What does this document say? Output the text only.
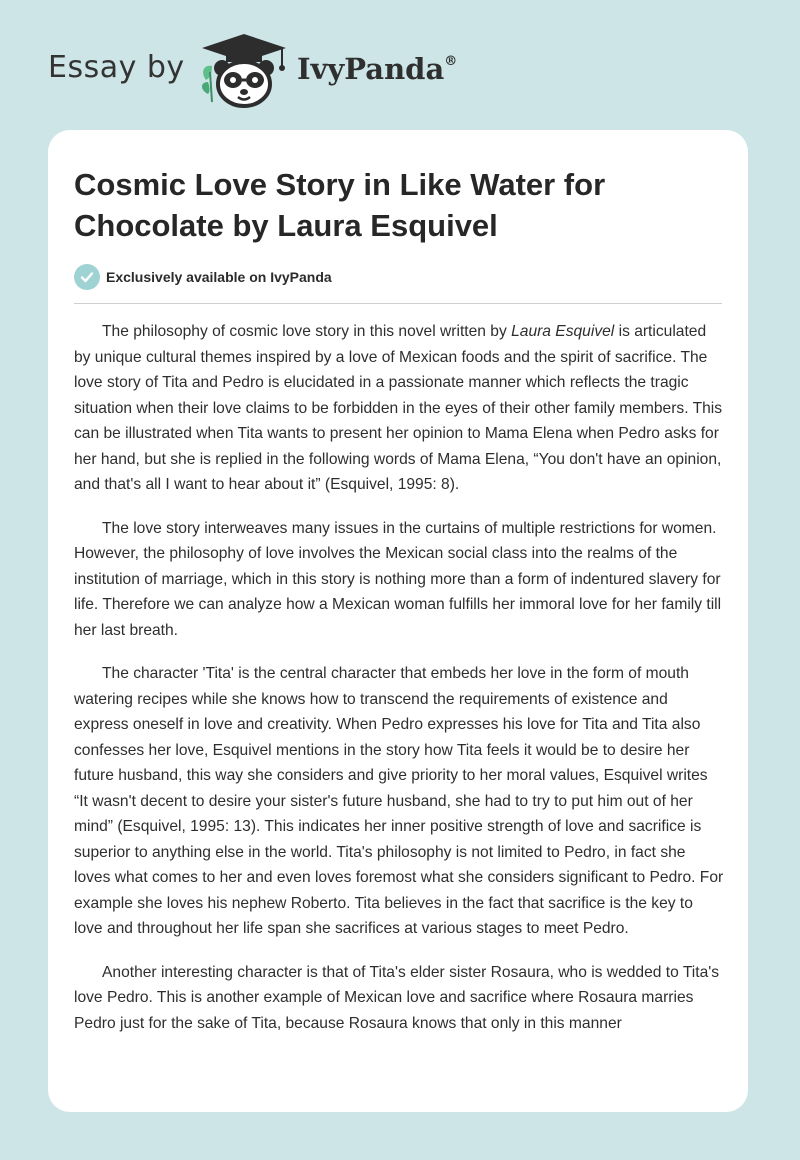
Essay by	IvyPanda®
Cosmic Love Story in Like Water for Chocolate by Laura Esquivel
Exclusively available on IvyPanda

The philosophy of cosmic love story in this novel written by Laura Esquivel is articulated by unique cultural themes inspired by a love of Mexican foods and the spirit of sacrifice. The love story of Tita and Pedro is elucidated in a passionate manner which reflects the tragic situation when their love claims to be forbidden in the eyes of their other family members. This can be illustrated when Tita wants to present her opinion to Mama Elena when Pedro asks for her hand, but she is replied in the following words of Mama Elena, “You don't have an opinion, and that's all I want to hear about it” (Esquivel, 1995: 8).

The love story interweaves many issues in the curtains of multiple restrictions for women. However, the philosophy of love involves the Mexican social class into the realms of the institution of marriage, which in this story is nothing more than a form of indentured slavery for life. Therefore we can analyze how a Mexican woman fulfills her immoral love for her family till her last breath.

The character 'Tita' is the central character that embeds her love in the form of mouth watering recipes while she knows how to transcend the requirements of existence and express oneself in love and creativity. When Pedro expresses his love for Tita and Tita also confesses her love, Esquivel mentions in the story how Tita feels it would be to desire her future husband, this way she considers and give priority to her moral values, Esquivel writes “It wasn't decent to desire your sister's future husband, she had to try to put him out of her mind” (Esquivel, 1995: 13). This indicates her inner positive strength of love and sacrifice is superior to anything else in the world. Tita's philosophy is not limited to Pedro, in fact she loves what comes to her and even loves foremost what she considers significant to Pedro. For example she loves his nephew Roberto. Tita believes in the fact that sacrifice is the key to love and throughout her life span she sacrifices at various stages to meet Pedro.

Another interesting character is that of Tita's elder sister Rosaura, who is wedded to Tita's love Pedro. This is another example of Mexican love and sacrifice where Rosaura marries Pedro just for the sake of Tita, because Rosaura knows that only in this manner
